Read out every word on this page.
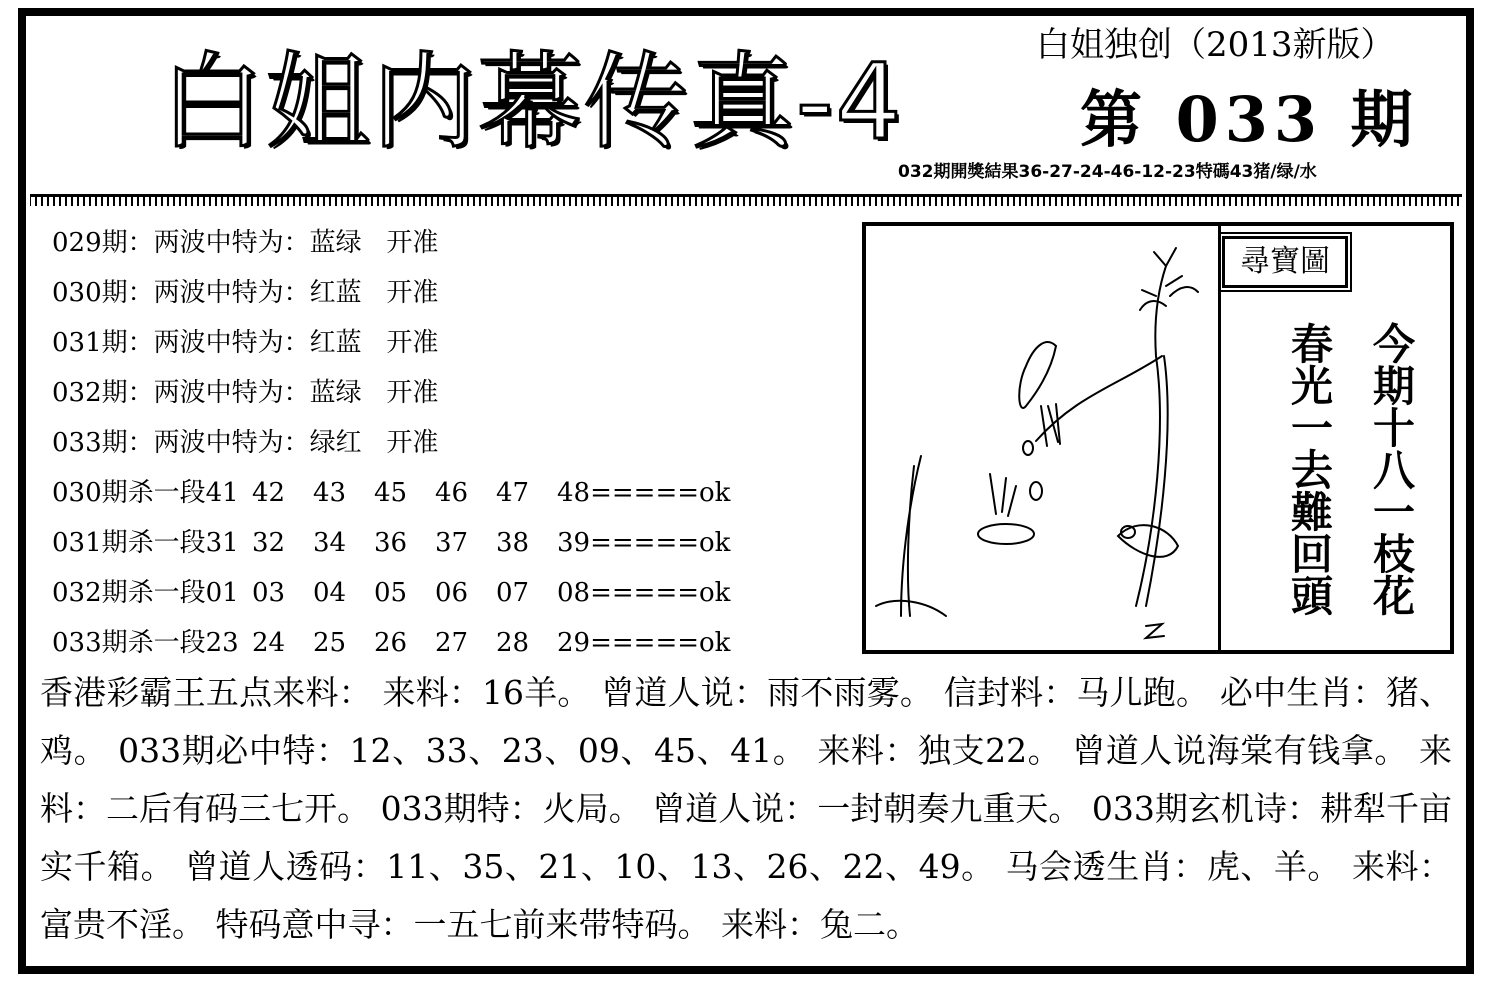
白姐内幕传真-4	白姐独创（2013新版）
第 033 期
032期開獎結果36-27-24-46-12-23特碼43猪/绿/水
029期：两波中特为：蓝绿   开准
030期：两波中特为：红蓝   开准
031期：两波中特为：红蓝   开准
032期：两波中特为：蓝绿   开准
033期：两波中特为：绿红   开准
030期杀一段41 42	43	45	46	47	48=====ok
031期杀一段31 32	34	36	37	38	39=====ok
032期杀一段01 03	04	05	06	07	08=====ok
033期杀一段23 24	25	26	27	28	29=====ok
尋寶圖
今期十八一枝花
春光一去難回頭
香港彩霸王五点来料： 来料：16羊。 曾道人说：雨不雨雾。 信封料：马儿跑。 必中生肖：猪、鸡。 033期必中特：12、33、23、09、45、41。 来料：独支22。 曾道人说海棠有钱拿。 来料：二后有码三七开。 033期特：火局。 曾道人说：一封朝奏九重天。 033期玄机诗：耕犁千亩实千箱。 曾道人透码：11、35、21、10、13、26、22、49。 马会透生肖：虎、羊。 来料：富贵不淫。 特码意中寻：一五七前来带特码。 来料：兔二。
